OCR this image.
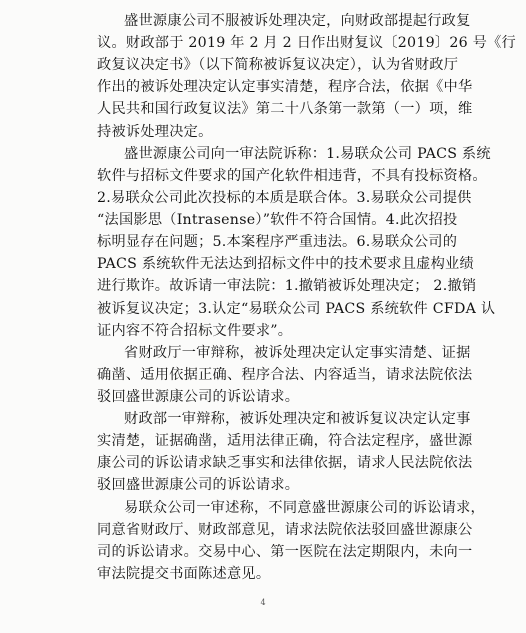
盛世源康公司不服被诉处理决定，向财政部提起行政复
议。财政部于 2019 年 2 月 2 日作出财复议〔2019〕26 号《行
政复议决定书》（以下简称被诉复议决定），认为省财政厅
作出的被诉处理决定认定事实清楚，程序合法，依据《中华
人民共和国行政复议法》第二十八条第一款第（一）项，维
持被诉处理决定。
盛世源康公司向一审法院诉称：1.易联众公司 PACS 系统
软件与招标文件要求的国产化软件相违背，不具有投标资格。
2.易联众公司此次投标的本质是联合体。3.易联众公司提供
“法国影思（Intrasense）”软件不符合国情。4.此次招投
标明显存在问题；5.本案程序严重违法。6.易联众公司的
PACS 系统软件无法达到招标文件中的技术要求且虚构业绩
进行欺诈。故诉请一审法院：1.撤销被诉处理决定； 2.撤销
被诉复议决定；3.认定“易联众公司 PACS 系统软件 CFDA 认
证内容不符合招标文件要求”。
省财政厅一审辩称，被诉处理决定认定事实清楚、证据
确凿、适用依据正确、程序合法、内容适当，请求法院依法
驳回盛世源康公司的诉讼请求。
财政部一审辩称，被诉处理决定和被诉复议决定认定事
实清楚，证据确凿，适用法律正确，符合法定程序，盛世源
康公司的诉讼请求缺乏事实和法律依据，请求人民法院依法
驳回盛世源康公司的诉讼请求。
易联众公司一审述称，不同意盛世源康公司的诉讼请求，
同意省财政厅、财政部意见，请求法院依法驳回盛世源康公
司的诉讼请求。交易中心、第一医院在法定期限内，未向一
审法院提交书面陈述意见。
4
